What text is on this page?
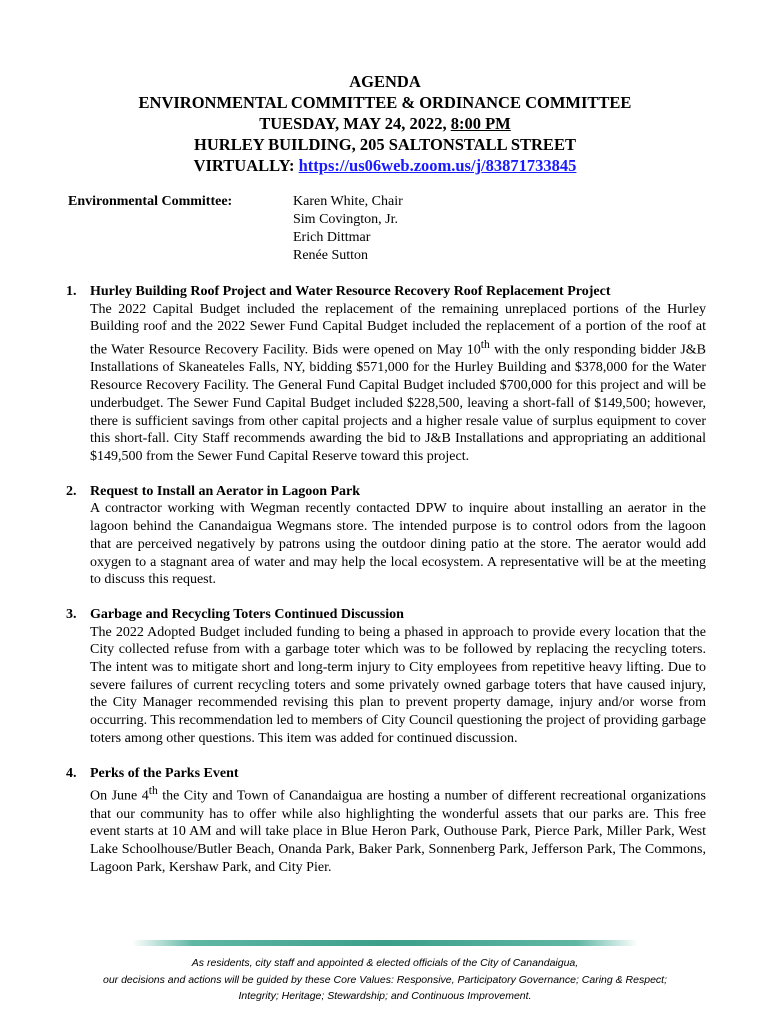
AGENDA
ENVIRONMENTAL COMMITTEE & ORDINANCE COMMITTEE
TUESDAY, MAY 24, 2022, 8:00 PM
HURLEY BUILDING, 205 SALTONSTALL STREET
VIRTUALLY: https://us06web.zoom.us/j/83871733845
Environmental Committee:	Karen White, Chair
Sim Covington, Jr.
Erich Dittmar
Renée Sutton
1. Hurley Building Roof Project and Water Resource Recovery Roof Replacement Project
The 2022 Capital Budget included the replacement of the remaining unreplaced portions of the Hurley Building roof and the 2022 Sewer Fund Capital Budget included the replacement of a portion of the roof at the Water Resource Recovery Facility. Bids were opened on May 10th with the only responding bidder J&B Installations of Skaneateles Falls, NY, bidding $571,000 for the Hurley Building and $378,000 for the Water Resource Recovery Facility. The General Fund Capital Budget included $700,000 for this project and will be underbudget. The Sewer Fund Capital Budget included $228,500, leaving a short-fall of $149,500; however, there is sufficient savings from other capital projects and a higher resale value of surplus equipment to cover this short-fall. City Staff recommends awarding the bid to J&B Installations and appropriating an additional $149,500 from the Sewer Fund Capital Reserve toward this project.
2. Request to Install an Aerator in Lagoon Park
A contractor working with Wegman recently contacted DPW to inquire about installing an aerator in the lagoon behind the Canandaigua Wegmans store. The intended purpose is to control odors from the lagoon that are perceived negatively by patrons using the outdoor dining patio at the store. The aerator would add oxygen to a stagnant area of water and may help the local ecosystem. A representative will be at the meeting to discuss this request.
3. Garbage and Recycling Toters Continued Discussion
The 2022 Adopted Budget included funding to being a phased in approach to provide every location that the City collected refuse from with a garbage toter which was to be followed by replacing the recycling toters. The intent was to mitigate short and long-term injury to City employees from repetitive heavy lifting. Due to severe failures of current recycling toters and some privately owned garbage toters that have caused injury, the City Manager recommended revising this plan to prevent property damage, injury and/or worse from occurring. This recommendation led to members of City Council questioning the project of providing garbage toters among other questions. This item was added for continued discussion.
4. Perks of the Parks Event
On June 4th the City and Town of Canandaigua are hosting a number of different recreational organizations that our community has to offer while also highlighting the wonderful assets that our parks are. This free event starts at 10 AM and will take place in Blue Heron Park, Outhouse Park, Pierce Park, Miller Park, West Lake Schoolhouse/Butler Beach, Onanda Park, Baker Park, Sonnenberg Park, Jefferson Park, The Commons, Lagoon Park, Kershaw Park, and City Pier.
As residents, city staff and appointed & elected officials of the City of Canandaigua,
our decisions and actions will be guided by these Core Values: Responsive, Participatory Governance; Caring & Respect;
Integrity; Heritage; Stewardship; and Continuous Improvement.
